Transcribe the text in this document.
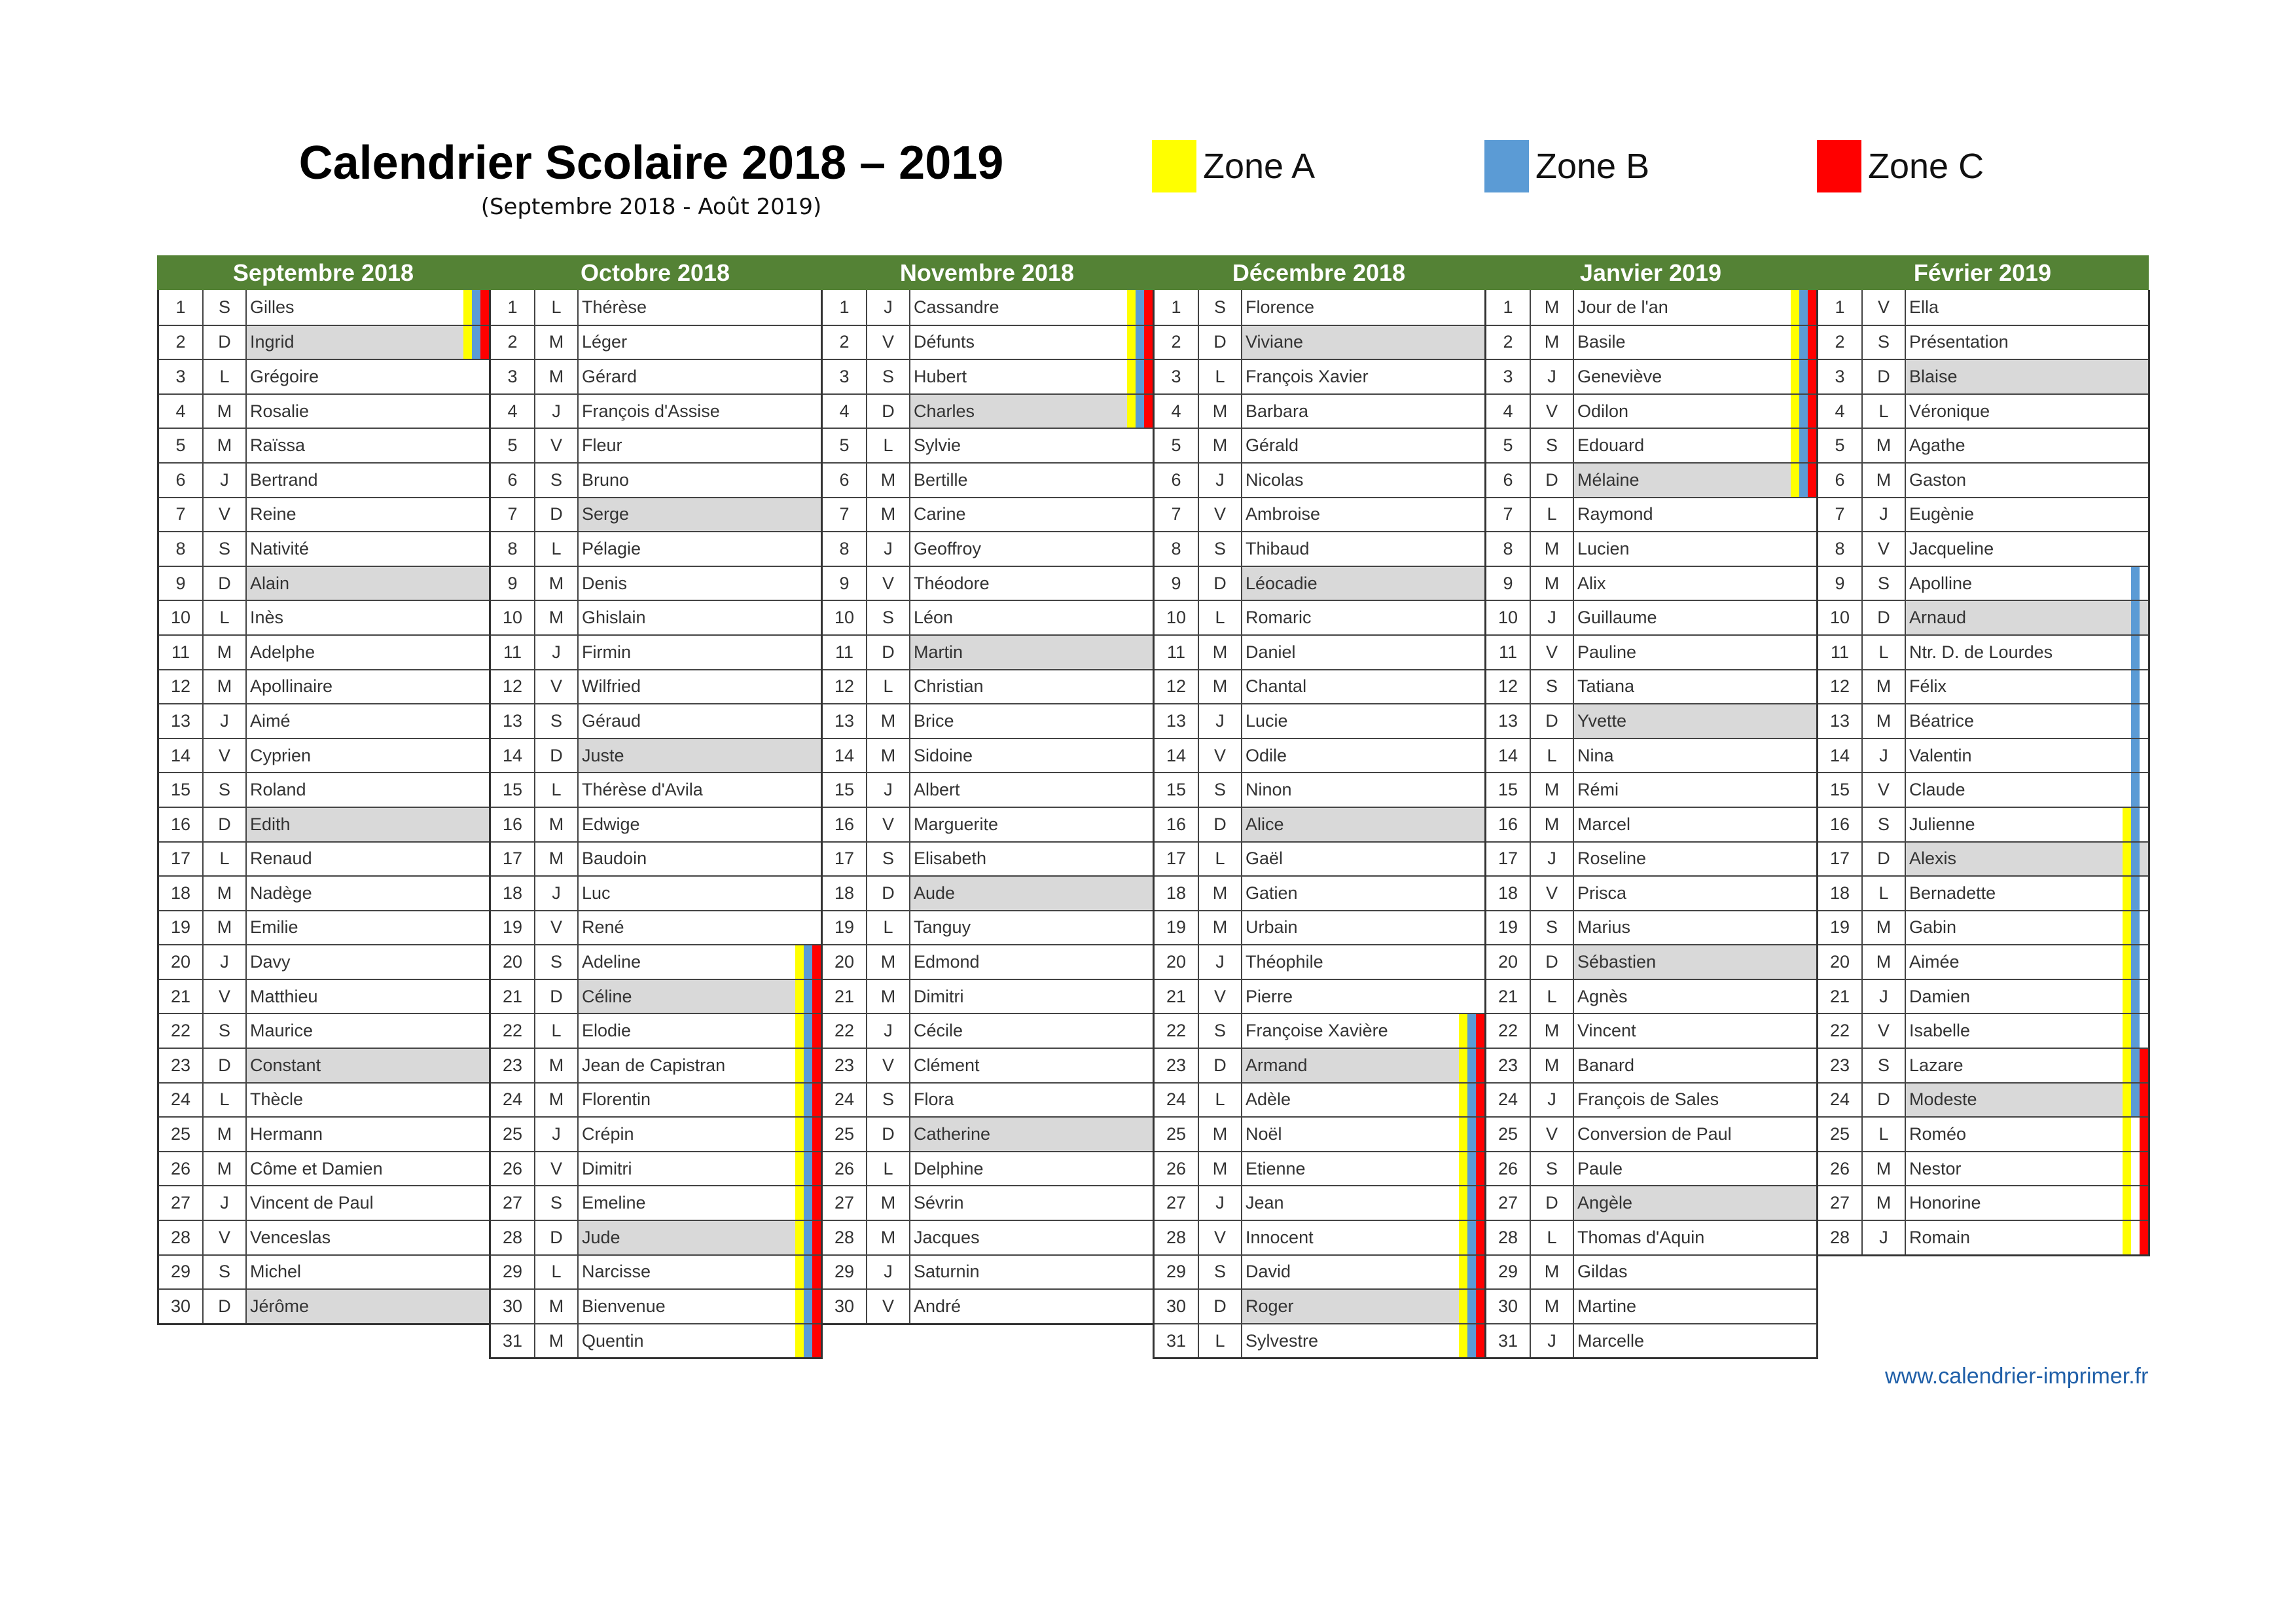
Calendrier Scolaire 2018 – 2019
(Septembre 2018 - Août 2019)
Zone A	Zone B	Zone C
Septembre 2018
1	S	Gilles
2	D	Ingrid
3	L	Grégoire
4	M	Rosalie
5	M	Raïssa
6	J	Bertrand
7	V	Reine
8	S	Nativité
9	D	Alain
10	L	Inès
11	M	Adelphe
12	M	Apollinaire
13	J	Aimé
14	V	Cyprien
15	S	Roland
16	D	Edith
17	L	Renaud
18	M	Nadège
19	M	Emilie
20	J	Davy
21	V	Matthieu
22	S	Maurice
23	D	Constant
24	L	Thècle
25	M	Hermann
26	M	Côme et Damien
27	J	Vincent de Paul
28	V	Venceslas
29	S	Michel
30	D	Jérôme
Octobre 2018
1	L	Thérèse
2	M	Léger
3	M	Gérard
4	J	François d'Assise
5	V	Fleur
6	S	Bruno
7	D	Serge
8	L	Pélagie
9	M	Denis
10	M	Ghislain
11	J	Firmin
12	V	Wilfried
13	S	Géraud
14	D	Juste
15	L	Thérèse d'Avila
16	M	Edwige
17	M	Baudoin
18	J	Luc
19	V	René
20	S	Adeline
21	D	Céline
22	L	Elodie
23	M	Jean de Capistran
24	M	Florentin
25	J	Crépin
26	V	Dimitri
27	S	Emeline
28	D	Jude
29	L	Narcisse
30	M	Bienvenue
31	M	Quentin
Novembre 2018
1	J	Cassandre
2	V	Défunts
3	S	Hubert
4	D	Charles
5	L	Sylvie
6	M	Bertille
7	M	Carine
8	J	Geoffroy
9	V	Théodore
10	S	Léon
11	D	Martin
12	L	Christian
13	M	Brice
14	M	Sidoine
15	J	Albert
16	V	Marguerite
17	S	Elisabeth
18	D	Aude
19	L	Tanguy
20	M	Edmond
21	M	Dimitri
22	J	Cécile
23	V	Clément
24	S	Flora
25	D	Catherine
26	L	Delphine
27	M	Sévrin
28	M	Jacques
29	J	Saturnin
30	V	André
Décembre 2018
1	S	Florence
2	D	Viviane
3	L	François Xavier
4	M	Barbara
5	M	Gérald
6	J	Nicolas
7	V	Ambroise
8	S	Thibaud
9	D	Léocadie
10	L	Romaric
11	M	Daniel
12	M	Chantal
13	J	Lucie
14	V	Odile
15	S	Ninon
16	D	Alice
17	L	Gaël
18	M	Gatien
19	M	Urbain
20	J	Théophile
21	V	Pierre
22	S	Françoise Xavière
23	D	Armand
24	L	Adèle
25	M	Noël
26	M	Etienne
27	J	Jean
28	V	Innocent
29	S	David
30	D	Roger
31	L	Sylvestre
Janvier 2019
1	M	Jour de l'an
2	M	Basile
3	J	Geneviève
4	V	Odilon
5	S	Edouard
6	D	Mélaine
7	L	Raymond
8	M	Lucien
9	M	Alix
10	J	Guillaume
11	V	Pauline
12	S	Tatiana
13	D	Yvette
14	L	Nina
15	M	Rémi
16	M	Marcel
17	J	Roseline
18	V	Prisca
19	S	Marius
20	D	Sébastien
21	L	Agnès
22	M	Vincent
23	M	Banard
24	J	François de Sales
25	V	Conversion de Paul
26	S	Paule
27	D	Angèle
28	L	Thomas d'Aquin
29	M	Gildas
30	M	Martine
31	J	Marcelle
Février 2019
1	V	Ella
2	S	Présentation
3	D	Blaise
4	L	Véronique
5	M	Agathe
6	M	Gaston
7	J	Eugènie
8	V	Jacqueline
9	S	Apolline
10	D	Arnaud
11	L	Ntr. D. de Lourdes
12	M	Félix
13	M	Béatrice
14	J	Valentin
15	V	Claude
16	S	Julienne
17	D	Alexis
18	L	Bernadette
19	M	Gabin
20	M	Aimée
21	J	Damien
22	V	Isabelle
23	S	Lazare
24	D	Modeste
25	L	Roméo
26	M	Nestor
27	M	Honorine
28	J	Romain
www.calendrier-imprimer.fr
